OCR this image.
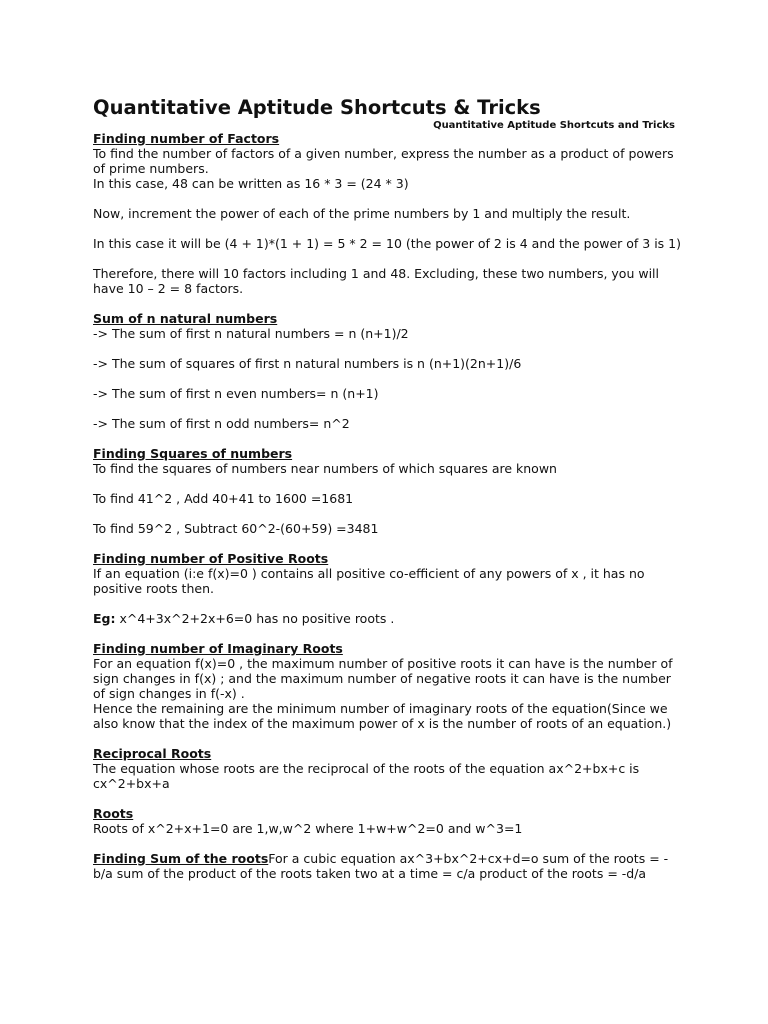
Quantitative Aptitude Shortcuts & Tricks
Quantitative Aptitude Shortcuts and Tricks
Finding number of Factors

To find the number of factors of a given number, express the number as a product of powers of prime numbers.

In this case, 48 can be written as 16 * 3 = (24 * 3)

Now, increment the power of each of the prime numbers by 1 and multiply the result.

In this case it will be (4 + 1)*(1 + 1) = 5 * 2 = 10 (the power of 2 is 4 and the power of 3 is 1)

Therefore, there will 10 factors including 1 and 48. Excluding, these two numbers, you will have 10 – 2 = 8 factors.

Sum of n natural numbers

-> The sum of first n natural numbers = n (n+1)/2

-> The sum of squares of first n natural numbers is n (n+1)(2n+1)/6

-> The sum of first n even numbers= n (n+1)

-> The sum of first n odd numbers= n^2

Finding Squares of numbers

To find the squares of numbers near numbers of which squares are known

To find 41^2 , Add 40+41 to 1600 =1681

To find 59^2 , Subtract 60^2-(60+59) =3481

Finding number of Positive Roots

If an equation (i:e f(x)=0 ) contains all positive co-efficient of any powers of x , it has no positive roots then.

Eg: x^4+3x^2+2x+6=0 has no positive roots .

Finding number of Imaginary Roots

For an equation f(x)=0 , the maximum number of positive roots it can have is the number of sign changes in f(x) ; and the maximum number of negative roots it can have is the number of sign changes in f(-x) .

Hence the remaining are the minimum number of imaginary roots of the equation(Since we also know that the index of the maximum power of x is the number of roots of an equation.)

Reciprocal Roots

The equation whose roots are the reciprocal of the roots of the equation ax^2+bx+c is cx^2+bx+a

Roots

Roots of x^2+x+1=0 are 1,w,w^2 where 1+w+w^2=0 and w^3=1

Finding Sum of the rootsFor a cubic equation ax^3+bx^2+cx+d=o sum of the roots = - b/a sum of the product of the roots taken two at a time = c/a product of the roots = -d/a
